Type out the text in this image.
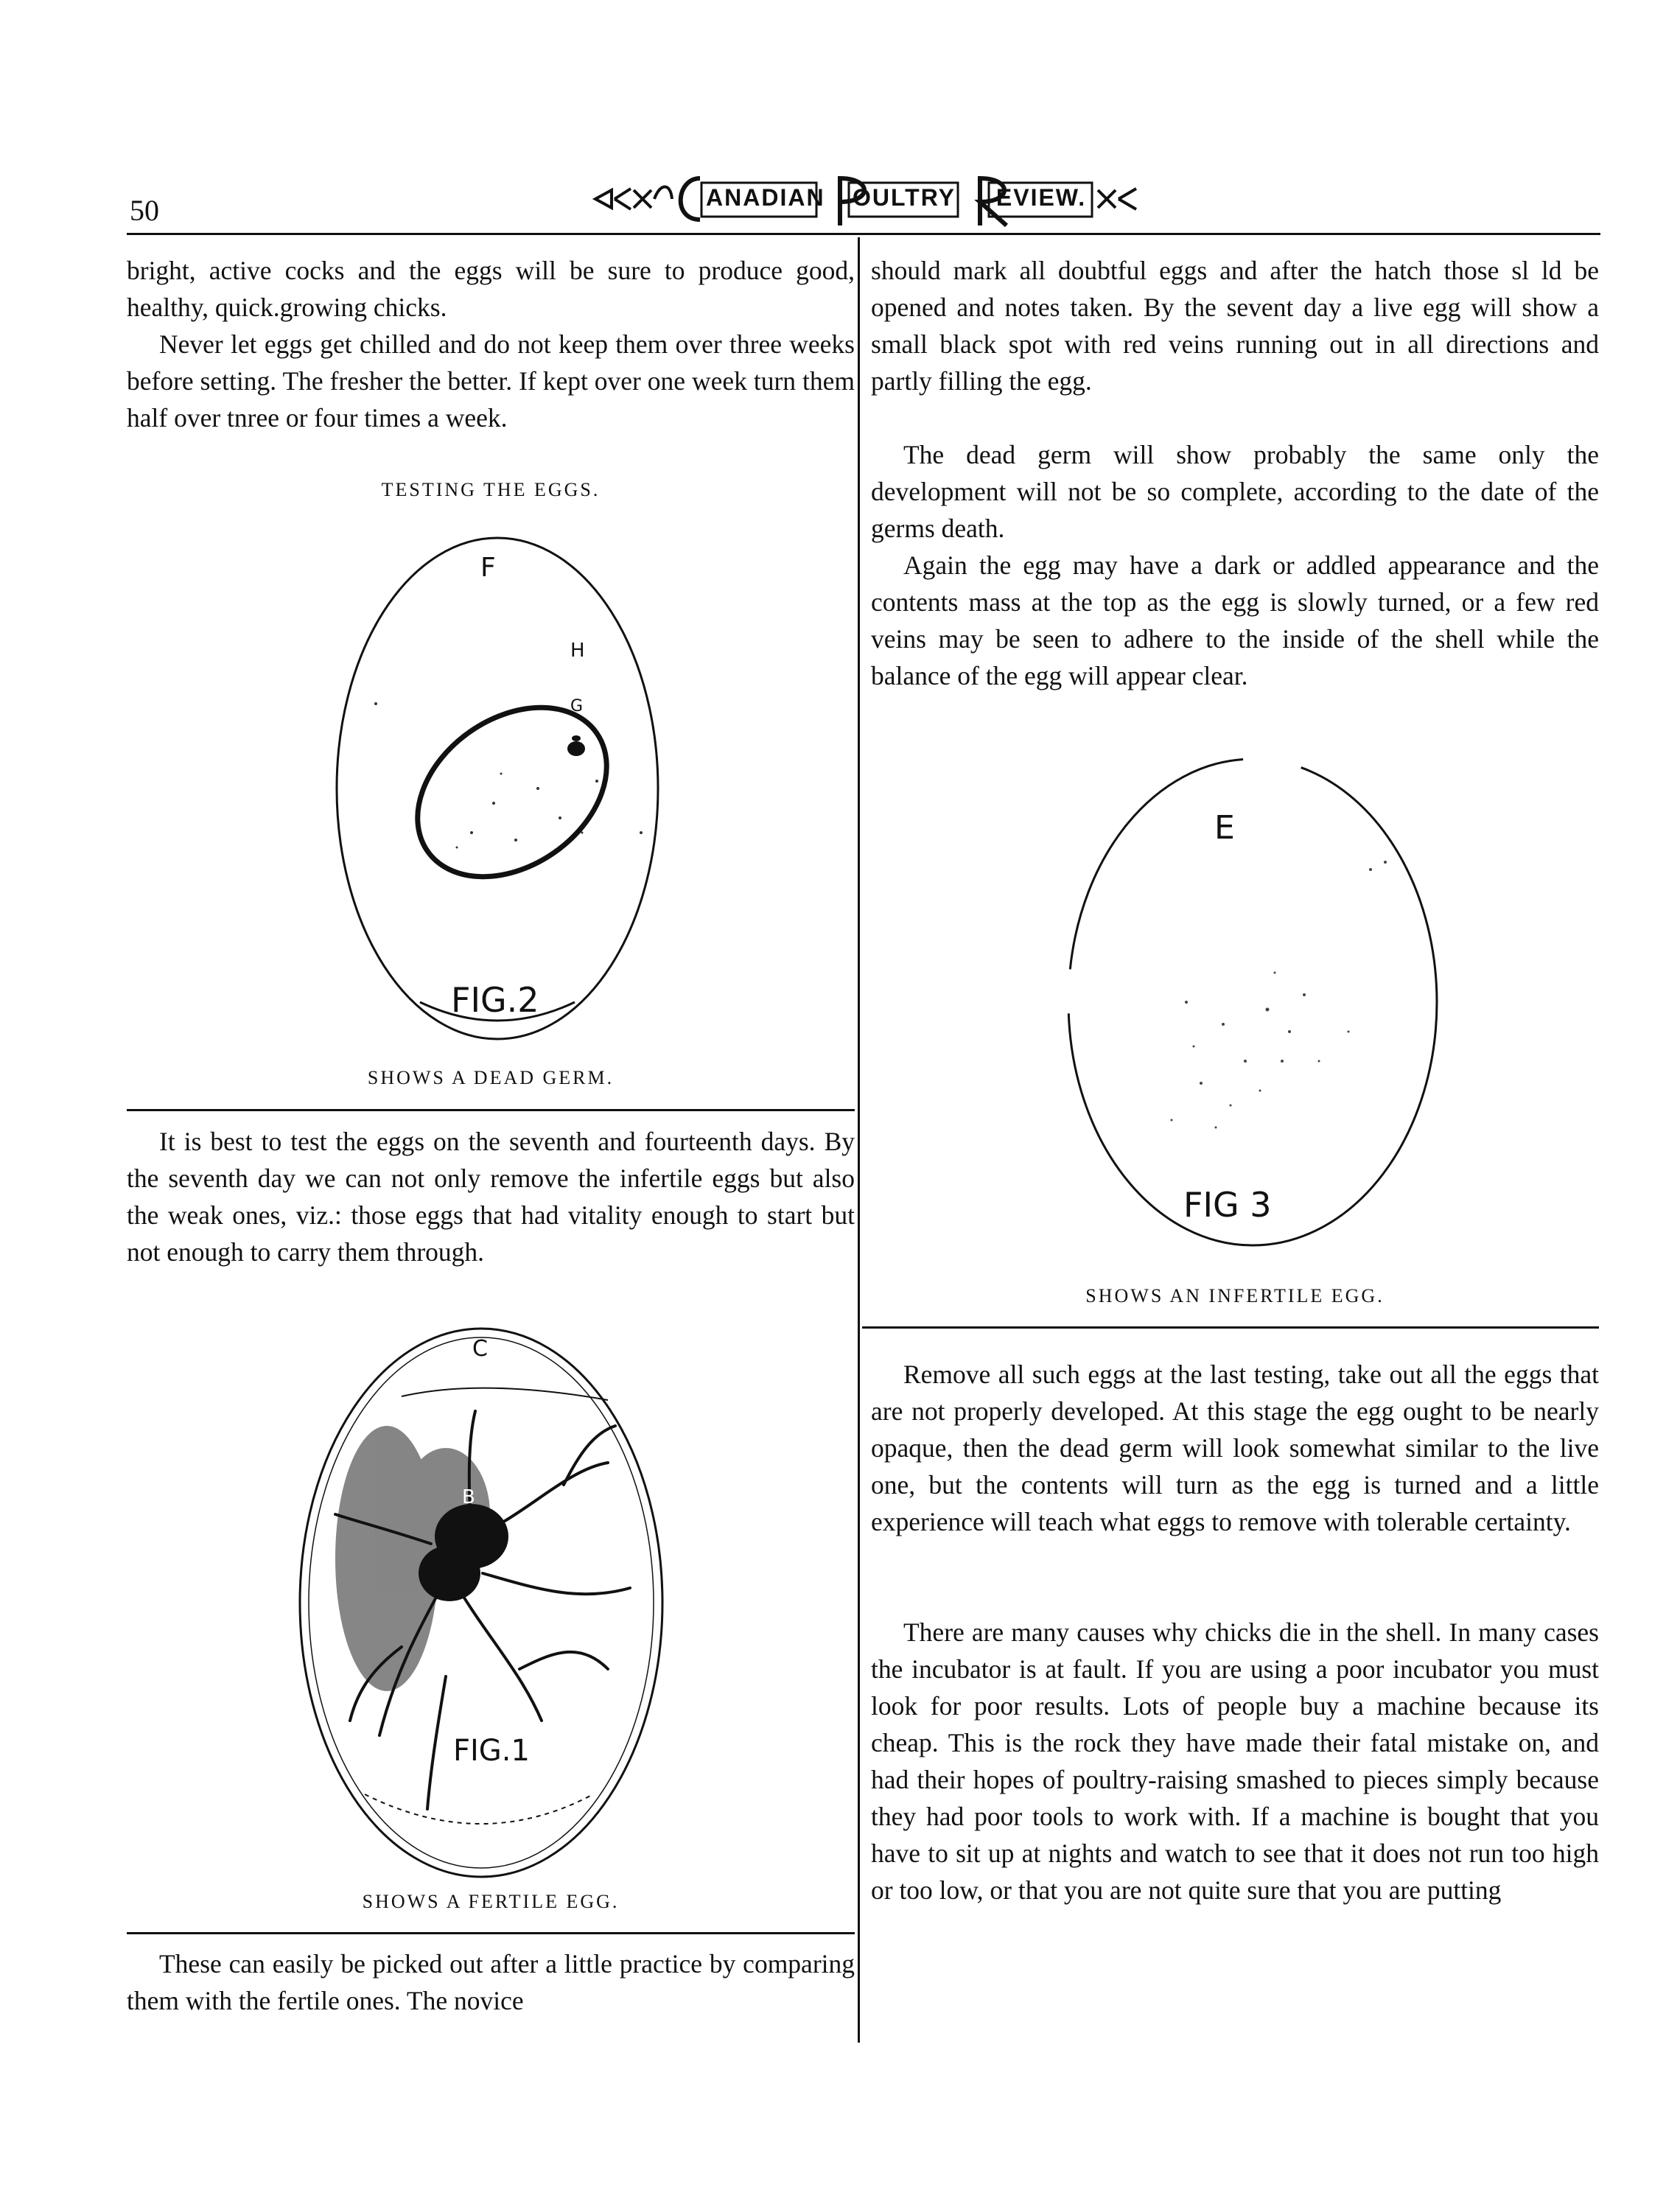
50	ANADIAN OULTRY EVIEW.

bright, active cocks and the eggs will be sure to produce good, healthy, quick.growing chicks.

Never let eggs get chilled and do not keep them over three weeks before setting. The fresher the better. If kept over one week turn them half over tnree or four times a week.

TESTING THE EGGS.
F
H
G
FIG.2
SHOWS A DEAD GERM.

It is best to test the eggs on the seventh and fourteenth days. By the seventh day we can not only remove the infertile eggs but also the weak ones, viz.: those eggs that had vitality enough to start but not enough to carry them through.

C
B
FIG.1
SHOWS A FERTILE EGG.

These can easily be picked out after a little practice by comparing them with the fertile ones. The novice

should mark all doubtful eggs and after the hatch those sl ld be opened and notes taken. By the sevent day a live egg will show a small black spot with red veins running out in all directions and partly filling the egg.

The dead germ will show probably the same only the development will not be so complete, according to the date of the germs death.

Again the egg may have a dark or addled appearance and the contents mass at the top as the egg is slowly turned, or a few red veins may be seen to adhere to the inside of the shell while the balance of the egg will appear clear.

E
FIG 3
SHOWS AN INFERTILE EGG.

Remove all such eggs at the last testing, take out all the eggs that are not properly developed. At this stage the egg ought to be nearly opaque, then the dead germ will look somewhat similar to the live one, but the contents will turn as the egg is turned and a little experience will teach what eggs to remove with tolerable certainty.

There are many causes why chicks die in the shell. In many cases the incubator is at fault. If you are using a poor incubator you must look for poor results. Lots of people buy a machine because its cheap. This is the rock they have made their fatal mistake on, and had their hopes of poultry-raising smashed to pieces simply because they had poor tools to work with. If a machine is bought that you have to sit up at nights and watch to see that it does not run too high or too low, or that you are not quite sure that you are putting
